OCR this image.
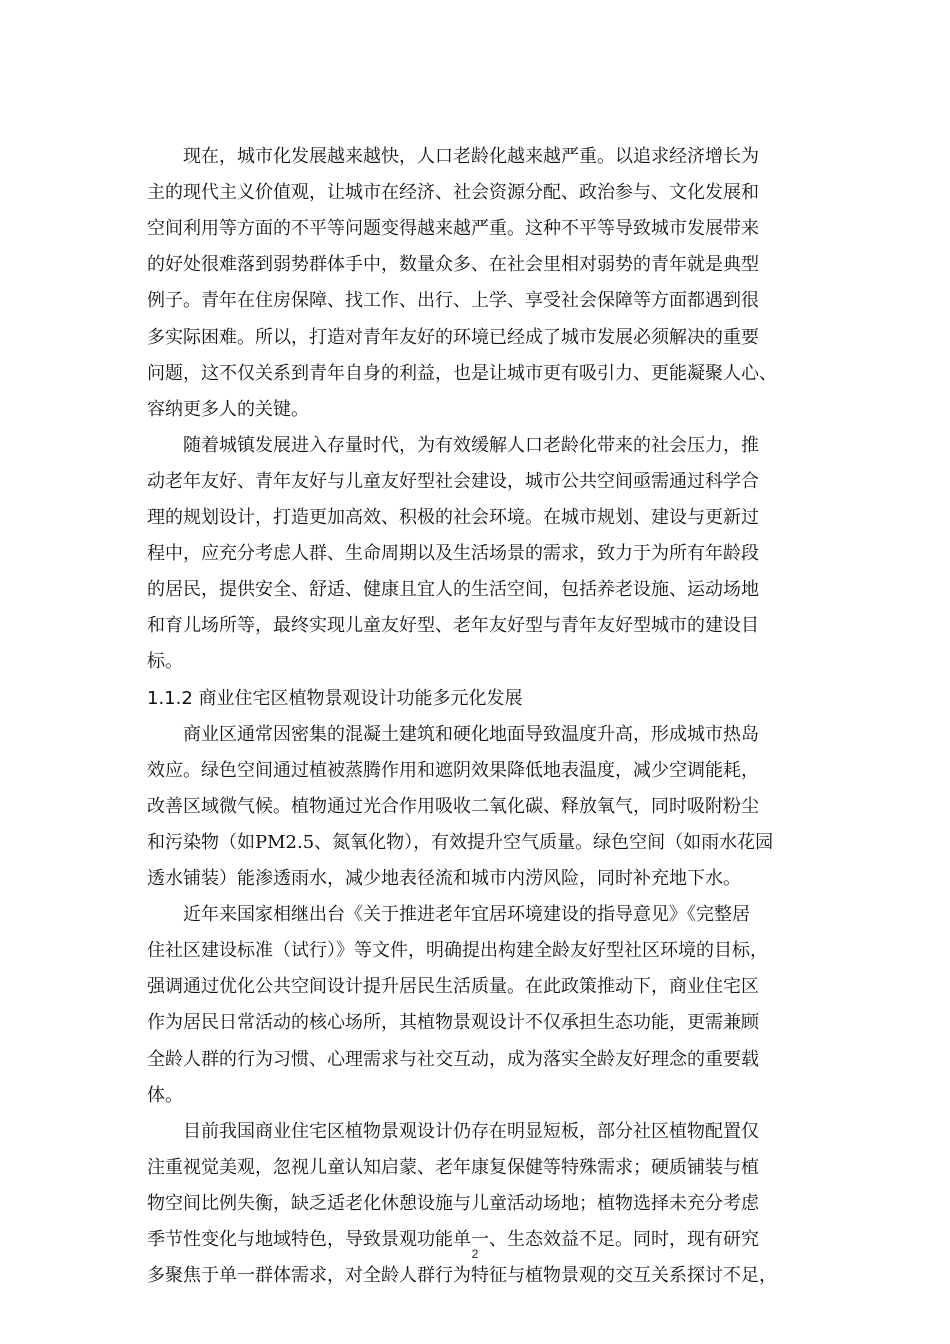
　　现在，城市化发展越来越快，人口老龄化越来越严重。以追求经济增长为

主的现代主义价值观，让城市在经济、社会资源分配、政治参与、文化发展和

空间利用等方面的不平等问题变得越来越严重。这种不平等导致城市发展带来

的好处很难落到弱势群体手中，数量众多、在社会里相对弱势的青年就是典型

例子。青年在住房保障、找工作、出行、上学、享受社会保障等方面都遇到很

多实际困难。所以，打造对青年友好的环境已经成了城市发展必须解决的重要

问题，这不仅关系到青年自身的利益，也是让城市更有吸引力、更能凝聚人心、

容纳更多人的关键。

　　随着城镇发展进入存量时代，为有效缓解人口老龄化带来的社会压力，推

动老年友好、青年友好与儿童友好型社会建设，城市公共空间亟需通过科学合

理的规划设计，打造更加高效、积极的社会环境。在城市规划、建设与更新过

程中，应充分考虑人群、生命周期以及生活场景的需求，致力于为所有年龄段

的居民，提供安全、舒适、健康且宜人的生活空间，包括养老设施、运动场地

和育儿场所等，最终实现儿童友好型、老年友好型与青年友好型城市的建设目

标。

1.1.2 商业住宅区植物景观设计功能多元化发展

　　商业区通常因密集的混凝土建筑和硬化地面导致温度升高，形成城市热岛

效应。绿色空间通过植被蒸腾作用和遮阴效果降低地表温度，减少空调能耗，

改善区域微气候。植物通过光合作用吸收二氧化碳、释放氧气，同时吸附粉尘

和污染物（如PM2.5、氮氧化物），有效提升空气质量。绿色空间（如雨水花园

透水铺装）能渗透雨水，减少地表径流和城市内涝风险，同时补充地下水。

　　近年来国家相继出台《关于推进老年宜居环境建设的指导意见》《完整居

住社区建设标准（试行）》等文件，明确提出构建全龄友好型社区环境的目标，

强调通过优化公共空间设计提升居民生活质量。在此政策推动下，商业住宅区

作为居民日常活动的核心场所，其植物景观设计不仅承担生态功能，更需兼顾

全龄人群的行为习惯、心理需求与社交互动，成为落实全龄友好理念的重要载

体。

　　目前我国商业住宅区植物景观设计仍存在明显短板，部分社区植物配置仅

注重视觉美观，忽视儿童认知启蒙、老年康复保健等特殊需求；硬质铺装与植

物空间比例失衡，缺乏适老化休憩设施与儿童活动场地；植物选择未充分考虑

季节性变化与地域特色，导致景观功能单一、生态效益不足。同时，现有研究

多聚焦于单一群体需求，对全龄人群行为特征与植物景观的交互关系探讨不足，

2
